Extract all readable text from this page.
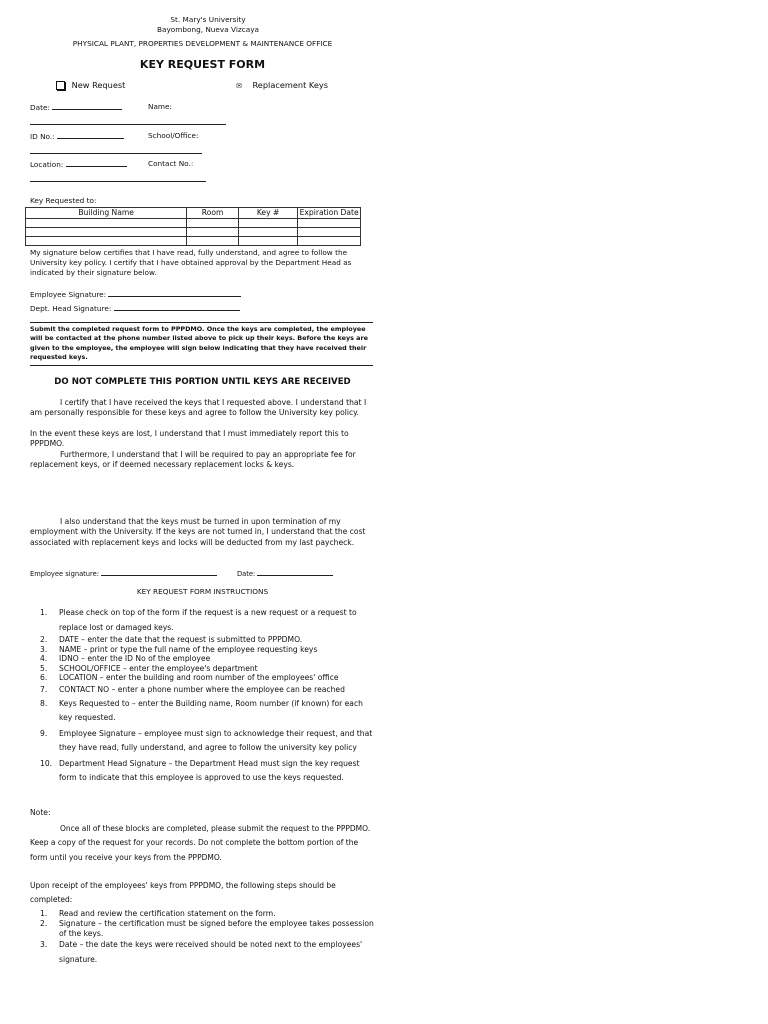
St. Mary's University
Bayombong, Nueva Vizcaya
PHYSICAL PLANT, PROPERTIES DEVELOPMENT & MAINTENANCE OFFICE
KEY REQUEST FORM
New Request	✉ Replacement Keys
Date:	Name:
ID No.:	School/Office:
Location:	Contact No.:
Key Requested to:
Building Name	Room	Key #	Expiration Date

My signature below certifies that I have read, fully understand, and agree to follow the University key policy. I certify that I have obtained approval by the Department Head as indicated by their signature below.
Employee Signature:
Dept. Head Signature:
Submit the completed request form to PPPDMO. Once the keys are completed, the employee will be contacted at the phone number listed above to pick up their keys. Before the keys are given to the employee, the employee will sign below indicating that they have received their requested keys.
DO NOT COMPLETE THIS PORTION UNTIL KEYS ARE RECEIVED
I certify that I have received the keys that I requested above. I understand that I am personally responsible for these keys and agree to follow the University key policy.
In the event these keys are lost, I understand that I must immediately report this to PPPDMO.
Furthermore, I understand that I will be required to pay an appropriate fee for replacement keys, or if deemed necessary replacement locks & keys.
I also understand that the keys must be turned in upon termination of my employment with the University. If the keys are not turned in, I understand that the cost associated with replacement keys and locks will be deducted from my last paycheck.
Employee signature:	Date:
KEY REQUEST FORM INSTRUCTIONS
1.	Please check on top of the form if the request is a new request or a request to replace lost or damaged keys.
2.	DATE – enter the date that the request is submitted to PPPDMO.
3.	NAME – print or type the full name of the employee requesting keys
4.	IDNO – enter the ID No of the employee
5.	SCHOOL/OFFICE – enter the employee's department
6.	LOCATION – enter the building and room number of the employees' office
7.	CONTACT NO – enter a phone number where the employee can be reached
8.	Keys Requested to – enter the Building name, Room number (if known) for each key requested.
9.	Employee Signature – employee must sign to acknowledge their request, and that they have read, fully understand, and agree to follow the university key policy
10. Department Head Signature – the Department Head must sign the key request form to indicate that this employee is approved to use the keys requested.
Note:
Once all of these blocks are completed, please submit the request to the PPPDMO. Keep a copy of the request for your records. Do not complete the bottom portion of the form until you receive your keys from the PPPDMO.
Upon receipt of the employees' keys from PPPDMO, the following steps should be completed:
1.	Read and review the certification statement on the form.
2.	Signature – the certification must be signed before the employee takes possession of the keys.
3.	Date – the date the keys were received should be noted next to the employees' signature.
